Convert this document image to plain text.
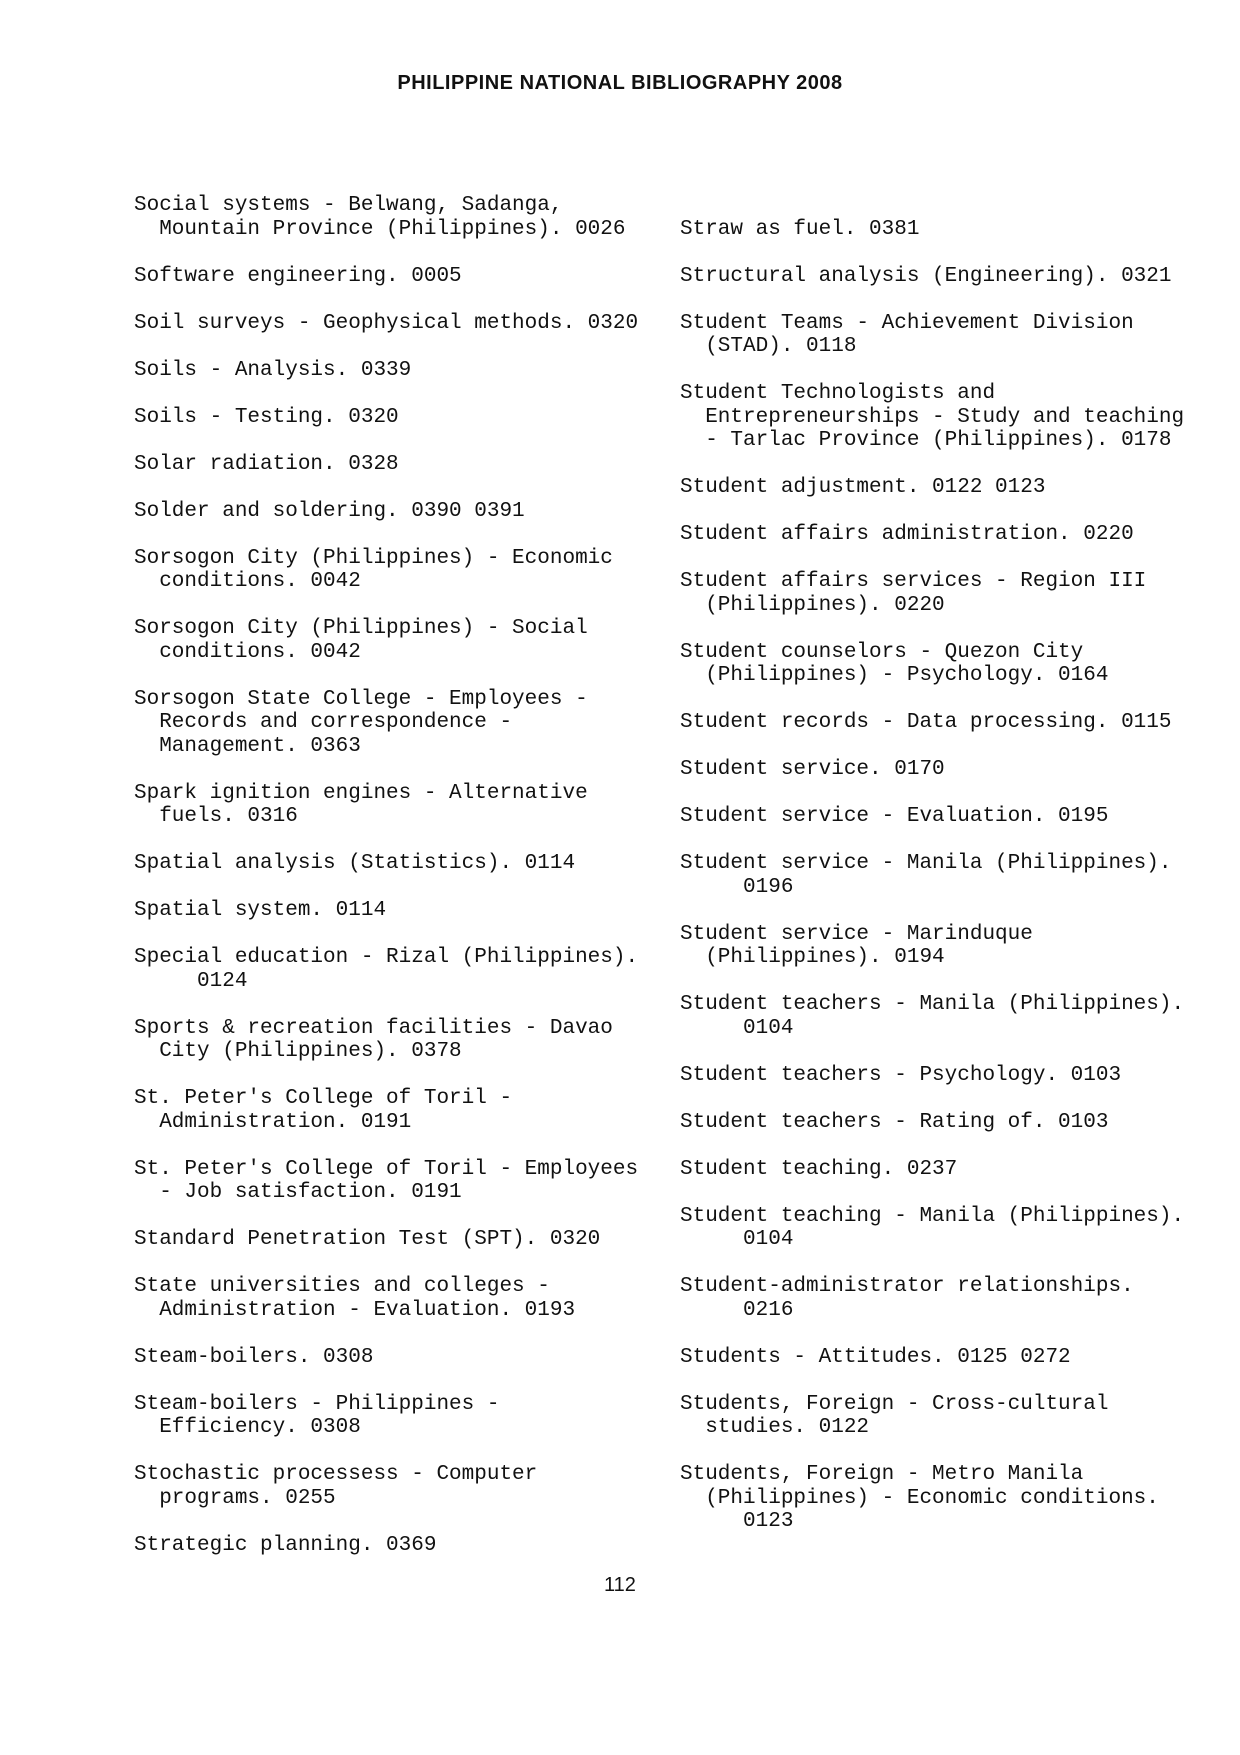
PHILIPPINE NATIONAL BIBLIOGRAPHY 2008
Social systems - Belwang, Sadanga,
Mountain Province (Philippines). 0026
Software engineering. 0005
Soil surveys - Geophysical methods. 0320
Soils - Analysis. 0339
Soils - Testing. 0320
Solar radiation. 0328
Solder and soldering. 0390 0391
Sorsogon City (Philippines) - Economic
conditions. 0042
Sorsogon City (Philippines) - Social
conditions. 0042
Sorsogon State College - Employees -
Records and correspondence -
Management. 0363
Spark ignition engines - Alternative
fuels. 0316
Spatial analysis (Statistics). 0114
Spatial system. 0114
Special education - Rizal (Philippines).
0124
Sports & recreation facilities - Davao
City (Philippines). 0378
St. Peter's College of Toril -
Administration. 0191
St. Peter's College of Toril - Employees
- Job satisfaction. 0191
Standard Penetration Test (SPT). 0320
State universities and colleges -
Administration - Evaluation. 0193
Steam-boilers. 0308
Steam-boilers - Philippines -
Efficiency. 0308
Stochastic processess - Computer
programs. 0255
Strategic planning. 0369
Straw as fuel. 0381
Structural analysis (Engineering). 0321
Student Teams - Achievement Division
(STAD). 0118
Student Technologists and
Entrepreneurships - Study and teaching
- Tarlac Province (Philippines). 0178
Student adjustment. 0122 0123
Student affairs administration. 0220
Student affairs services - Region III
(Philippines). 0220
Student counselors - Quezon City
(Philippines) - Psychology. 0164
Student records - Data processing. 0115
Student service. 0170
Student service - Evaluation. 0195
Student service - Manila (Philippines).
0196
Student service - Marinduque
(Philippines). 0194
Student teachers - Manila (Philippines).
0104
Student teachers - Psychology. 0103
Student teachers - Rating of. 0103
Student teaching. 0237
Student teaching - Manila (Philippines).
0104
Student-administrator relationships.
0216
Students - Attitudes. 0125 0272
Students, Foreign - Cross-cultural
studies. 0122
Students, Foreign - Metro Manila
(Philippines) - Economic conditions.
0123
112
